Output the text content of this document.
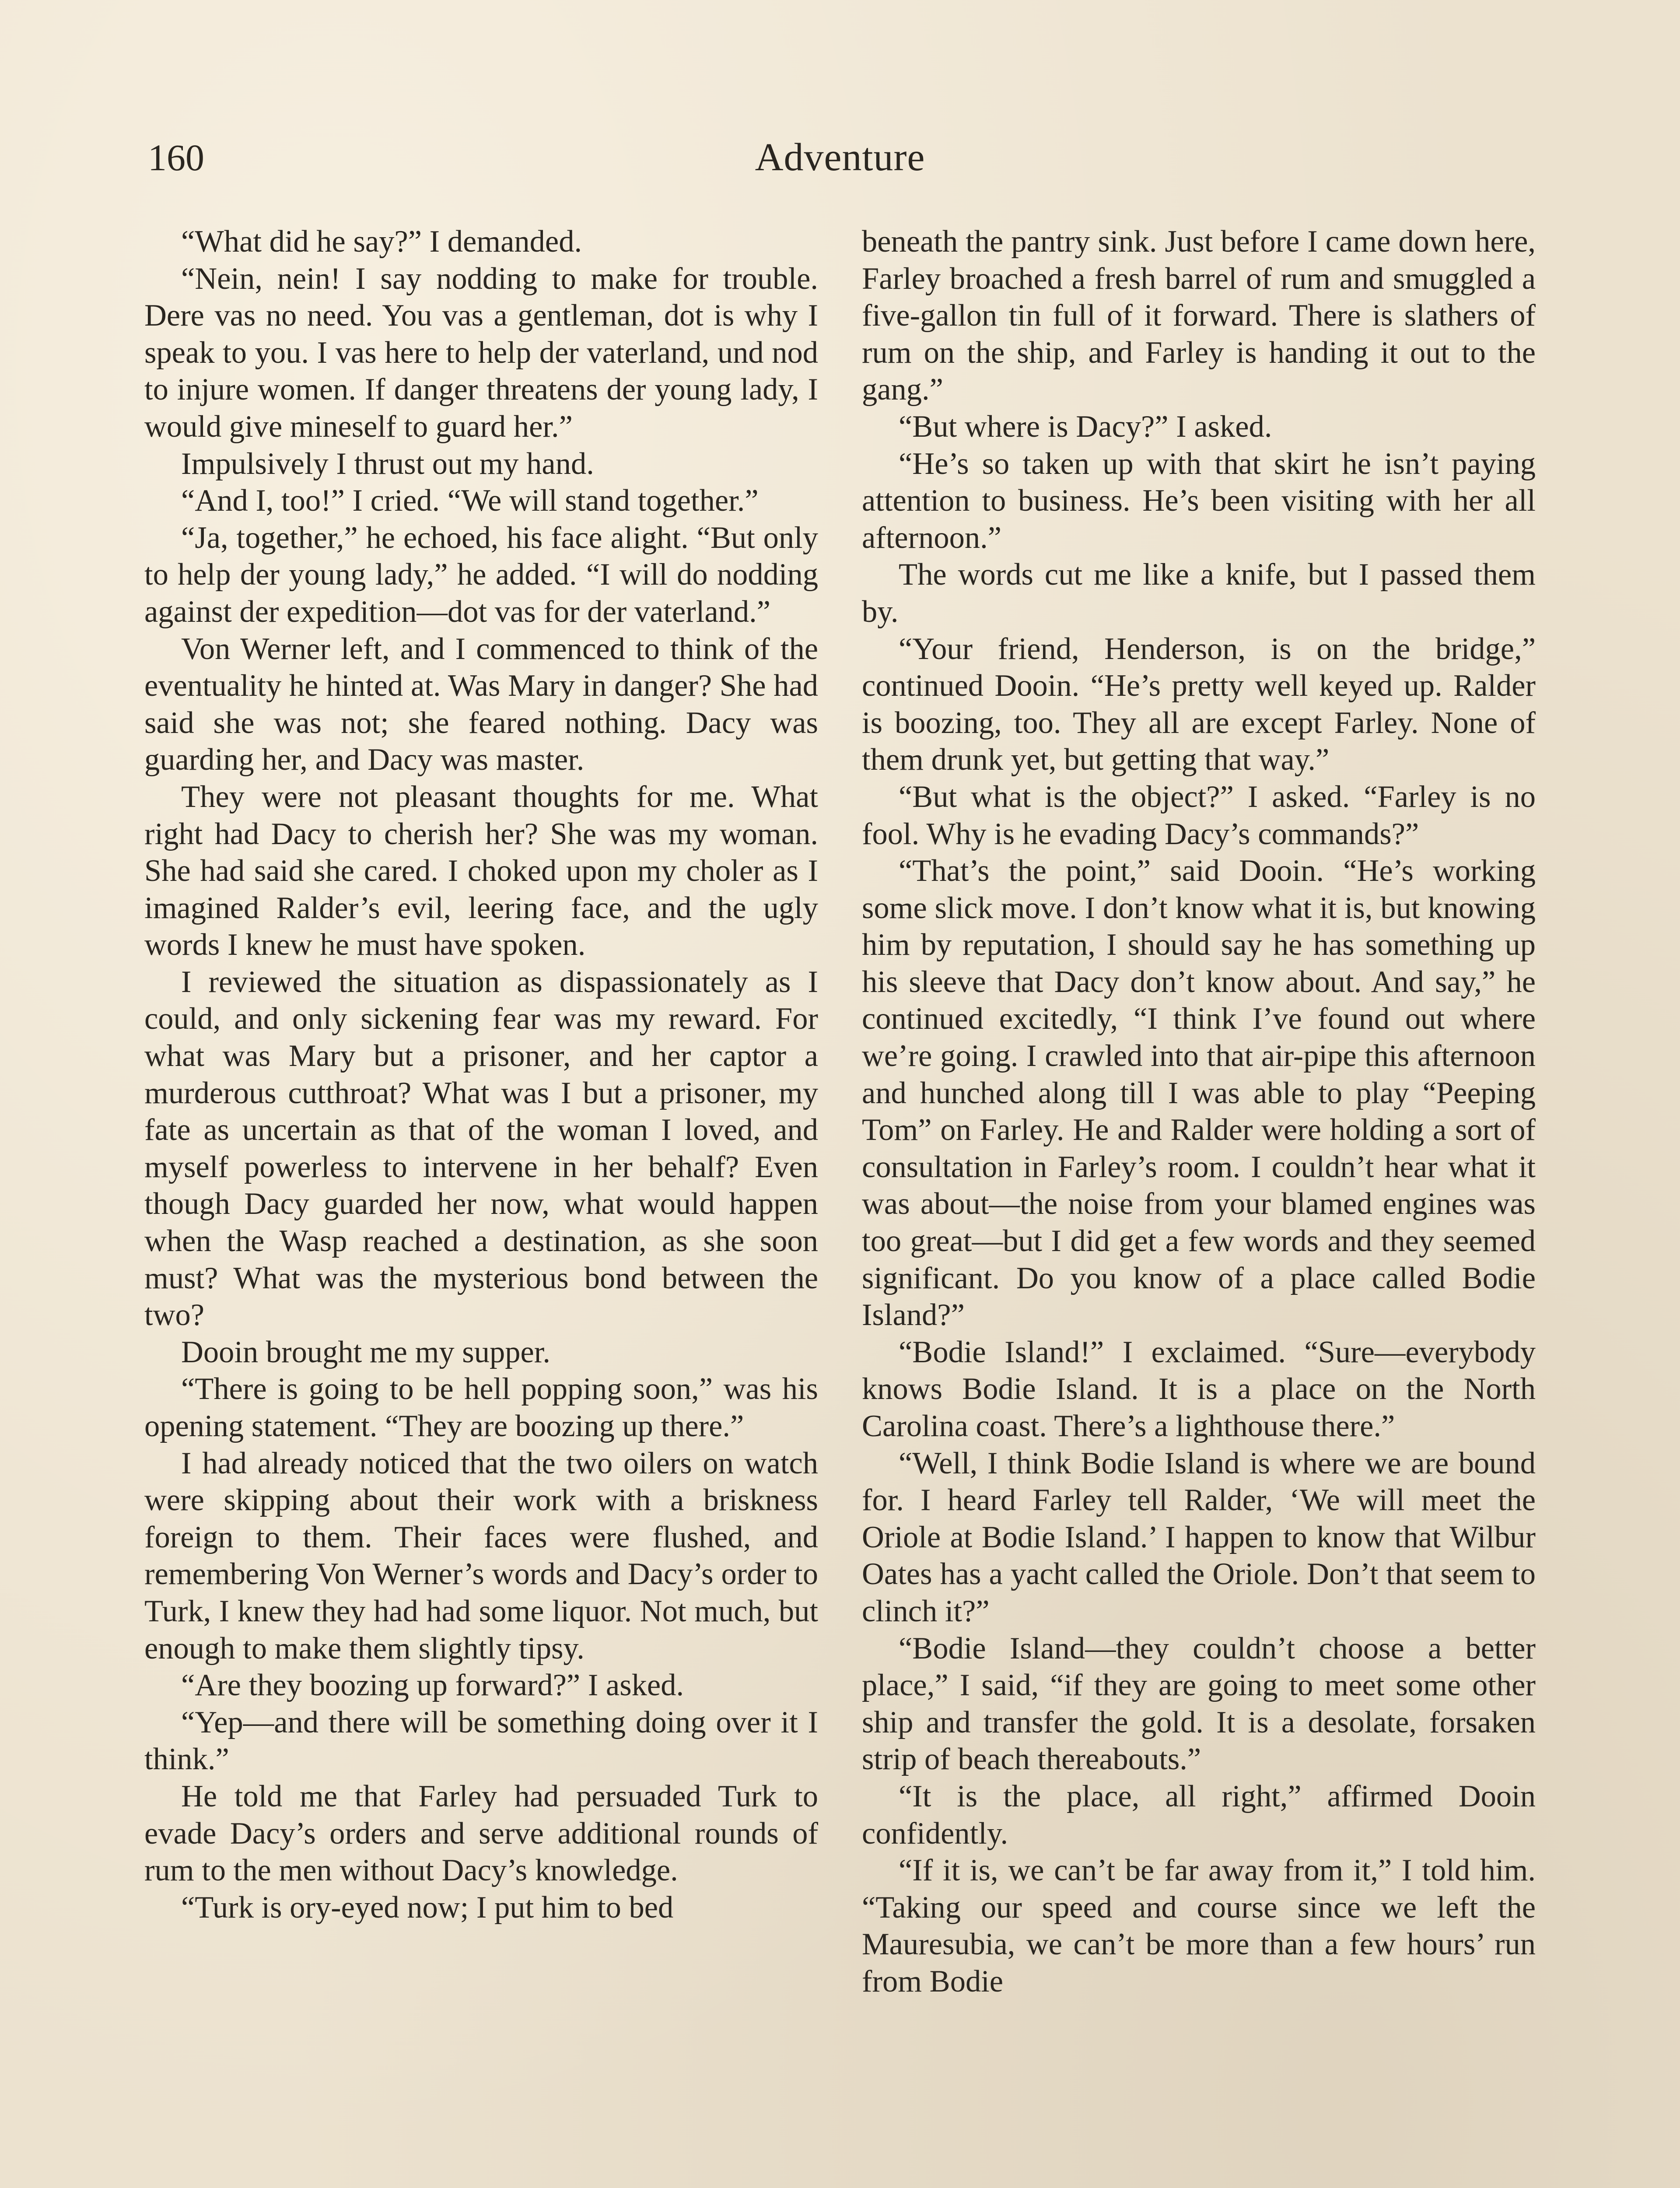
Adventure
160

“What did he say?” I demanded.

“Nein, nein! I say nodding to make for trouble. Dere vas no need. You vas a gentleman, dot is why I speak to you. I vas here to help der vaterland, und nod to injure women. If danger threatens der young lady, I would give mineself to guard her.”

Impulsively I thrust out my hand.

“And I, too!” I cried. “We will stand together.”

“Ja, together,” he echoed, his face alight. “But only to help der young lady,” he added. “I will do nodding against der expedition—dot vas for der vaterland.”

Von Werner left, and I commenced to think of the eventuality he hinted at. Was Mary in danger? She had said she was not; she feared nothing. Dacy was guarding her, and Dacy was master.

They were not pleasant thoughts for me. What right had Dacy to cherish her? She was my woman. She had said she cared. I choked upon my choler as I imagined Ralder’s evil, leering face, and the ugly words I knew he must have spoken.

I reviewed the situation as dispassionately as I could, and only sickening fear was my reward. For what was Mary but a prisoner, and her captor a murderous cutthroat? What was I but a prisoner, my fate as uncertain as that of the woman I loved, and myself powerless to intervene in her behalf? Even though Dacy guarded her now, what would happen when the Wasp reached a destination, as she soon must? What was the mysterious bond between the two?

Dooin brought me my supper.

“There is going to be hell popping soon,” was his opening statement. “They are boozing up there.”

I had already noticed that the two oilers on watch were skipping about their work with a briskness foreign to them. Their faces were flushed, and remembering Von Werner’s words and Dacy’s order to Turk, I knew they had had some liquor. Not much, but enough to make them slightly tipsy.

“Are they boozing up forward?” I asked.

“Yep—and there will be something doing over it I think.”

He told me that Farley had persuaded Turk to evade Dacy’s orders and serve additional rounds of rum to the men without Dacy’s knowledge.

“Turk is ory-eyed now; I put him to bed

beneath the pantry sink. Just before I came down here, Farley broached a fresh barrel of rum and smuggled a five-gallon tin full of it forward. There is slathers of rum on the ship, and Farley is handing it out to the gang.”

“But where is Dacy?” I asked.

“He’s so taken up with that skirt he isn’t paying attention to business. He’s been visiting with her all afternoon.”

The words cut me like a knife, but I passed them by.

“Your friend, Henderson, is on the bridge,” continued Dooin. “He’s pretty well keyed up. Ralder is boozing, too. They all are except Farley. None of them drunk yet, but getting that way.”

“But what is the object?” I asked. “Farley is no fool. Why is he evading Dacy’s commands?”

“That’s the point,” said Dooin. “He’s working some slick move. I don’t know what it is, but knowing him by reputation, I should say he has something up his sleeve that Dacy don’t know about. And say,” he continued excitedly, “I think I’ve found out where we’re going. I crawled into that air-pipe this afternoon and hunched along till I was able to play “Peeping Tom” on Farley. He and Ralder were holding a sort of consultation in Farley’s room. I couldn’t hear what it was about—the noise from your blamed engines was too great—but I did get a few words and they seemed significant. Do you know of a place called Bodie Island?”

“Bodie Island!” I exclaimed. “Sure—everybody knows Bodie Island. It is a place on the North Carolina coast. There’s a lighthouse there.”

“Well, I think Bodie Island is where we are bound for. I heard Farley tell Ralder, ‘We will meet the Oriole at Bodie Island.’ I happen to know that Wilbur Oates has a yacht called the Oriole. Don’t that seem to clinch it?”

“Bodie Island—they couldn’t choose a better place,” I said, “if they are going to meet some other ship and transfer the gold. It is a desolate, forsaken strip of beach thereabouts.”

“It is the place, all right,” affirmed Dooin confidently.

“If it is, we can’t be far away from it,” I told him. “Taking our speed and course since we left the Mauresubia, we can’t be more than a few hours’ run from Bodie
